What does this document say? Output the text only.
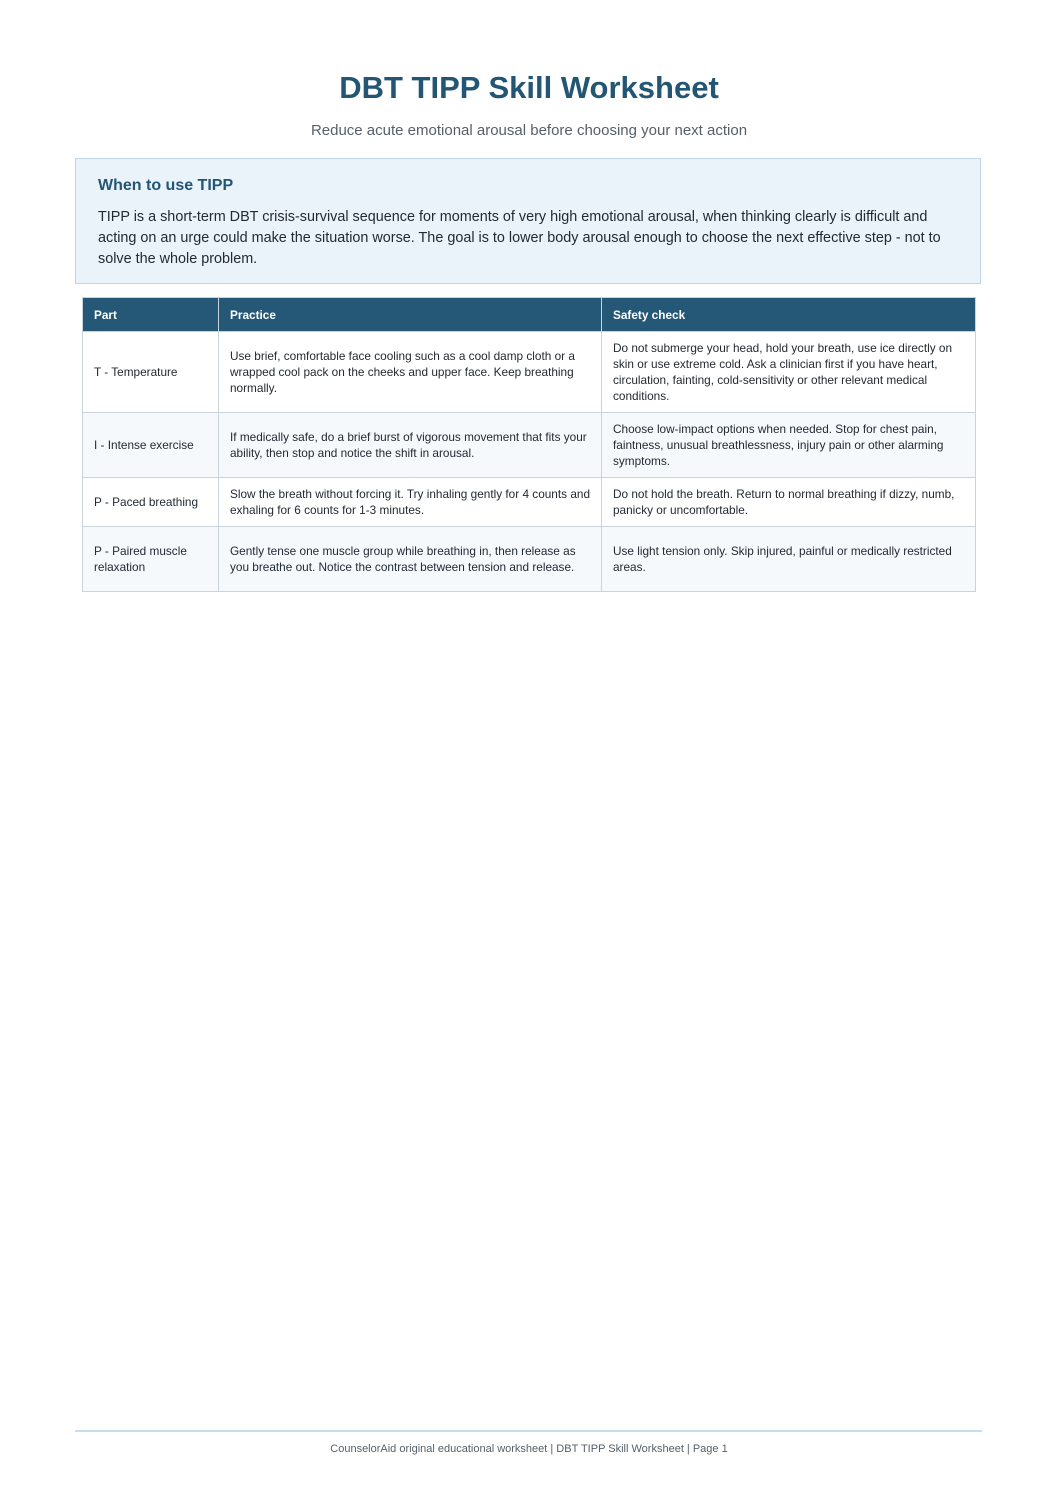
DBT TIPP Skill Worksheet
Reduce acute emotional arousal before choosing your next action
When to use TIPP

TIPP is a short-term DBT crisis-survival sequence for moments of very high emotional arousal, when thinking clearly is difficult and acting on an urge could make the situation worse. The goal is to lower body arousal enough to choose the next effective step - not to solve the whole problem.

Part	Practice	Safety check
T - Temperature	Use brief, comfortable face cooling such as a cool damp cloth or a wrapped cool pack on the cheeks and upper face. Keep breathing normally.	Do not submerge your head, hold your breath, use ice directly on skin or use extreme cold. Ask a clinician first if you have heart, circulation, fainting, cold-sensitivity or other relevant medical conditions.
I - Intense exercise	If medically safe, do a brief burst of vigorous movement that fits your ability, then stop and notice the shift in arousal.	Choose low-impact options when needed. Stop for chest pain, faintness, unusual breathlessness, injury pain or other alarming symptoms.
P - Paced breathing	Slow the breath without forcing it. Try inhaling gently for 4 counts and exhaling for 6 counts for 1-3 minutes.	Do not hold the breath. Return to normal breathing if dizzy, numb, panicky or uncomfortable.
P - Paired muscle relaxation	Gently tense one muscle group while breathing in, then release as you breathe out. Notice the contrast between tension and release.	Use light tension only. Skip injured, painful or medically restricted areas.
CounselorAid original educational worksheet | DBT TIPP Skill Worksheet | Page 1
